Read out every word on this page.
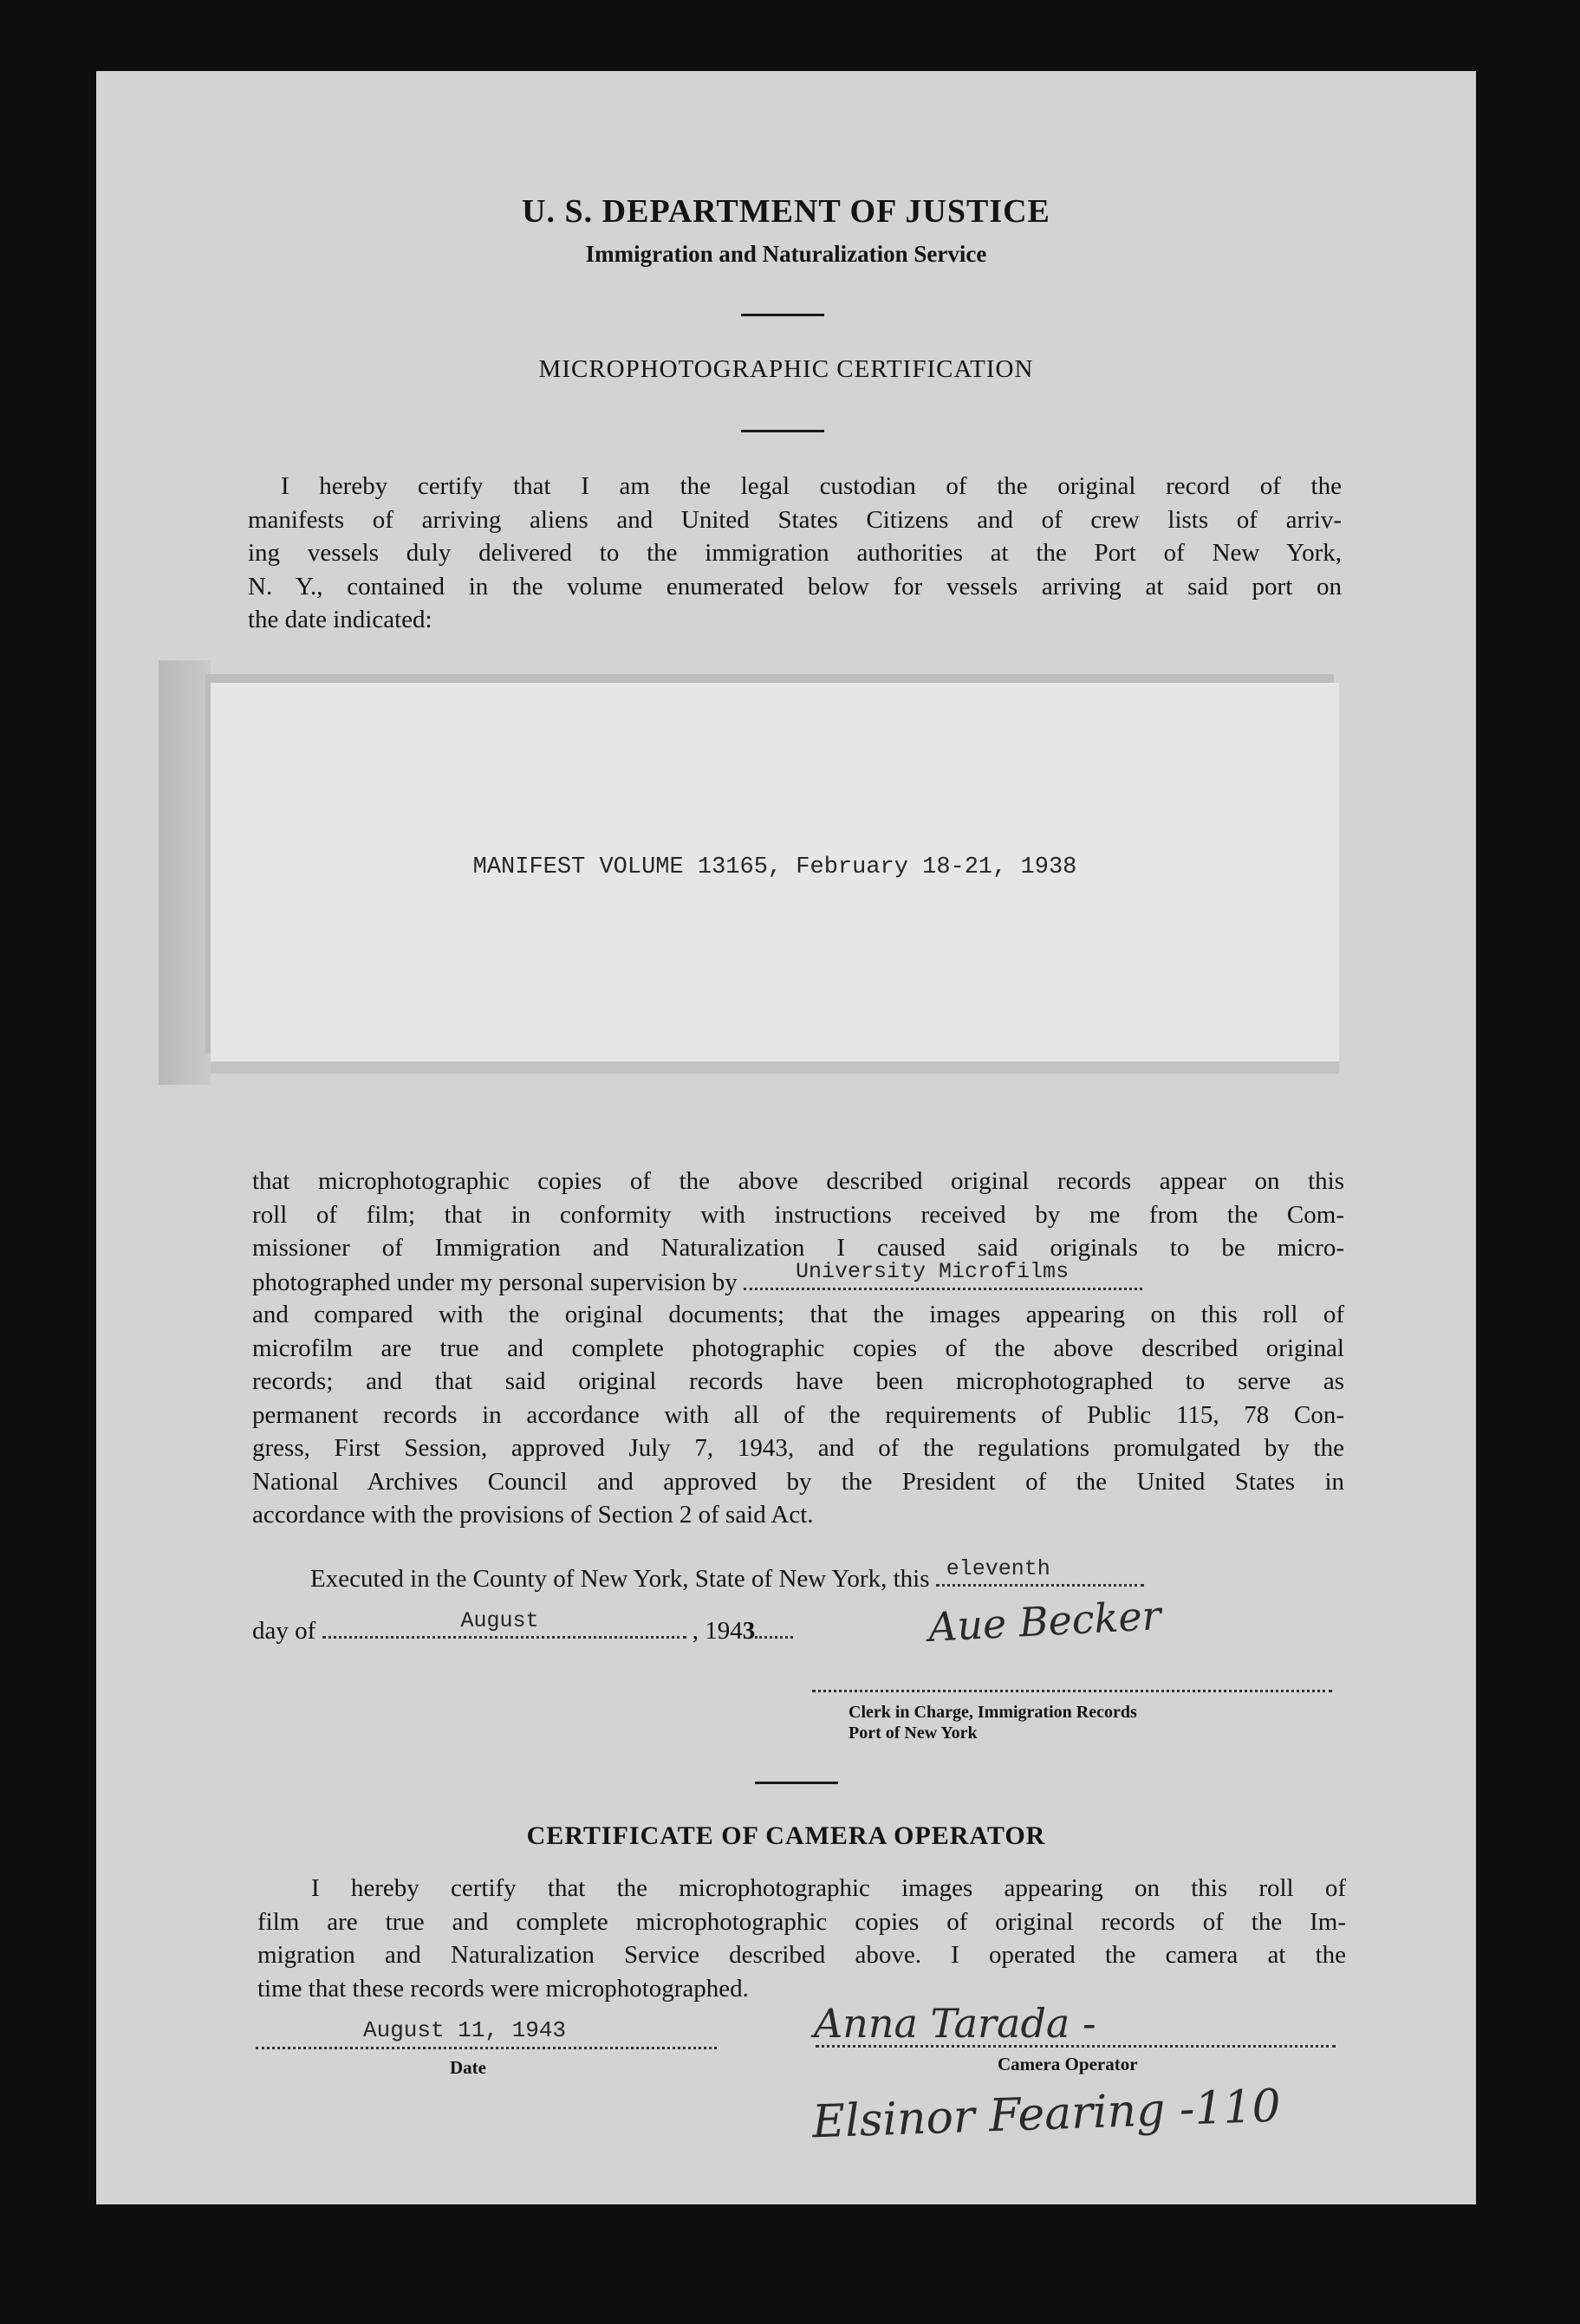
U. S. DEPARTMENT OF JUSTICE
Immigration and Naturalization Service
MICROPHOTOGRAPHIC CERTIFICATION
I hereby certify that I am the legal custodian of the original record of the
manifests of arriving aliens and United States Citizens and of crew lists of arriv-
ing vessels duly delivered to the immigration authorities at the Port of New York,
N. Y., contained in the volume enumerated below for vessels arriving at said port on
the date indicated:
MANIFEST VOLUME 13165, February 18-21, 1938
that microphotographic copies of the above described original records appear on this
roll of film; that in conformity with instructions received by me from the Com-
missioner of Immigration and Naturalization I caused said originals to be micro-
photographed under my personal supervision by	University Microfilms
and compared with the original documents; that the images appearing on this roll of
microfilm are true and complete photographic copies of the above described original
records; and that said original records have been microphotographed to serve as
permanent records in accordance with all of the requirements of Public 115, 78 Con-
gress, First Session, approved July 7, 1943, and of the regulations promulgated by the
National Archives Council and approved by the President of the United States in
accordance with the provisions of Section 2 of said Act.
Executed in the County of New York, State of New York, this eleventh
day of	August	, 1943	Aue Becker
Clerk in Charge, Immigration Records
Port of New York
CERTIFICATE OF CAMERA OPERATOR
I hereby certify that the microphotographic images appearing on this roll of
film are true and complete microphotographic copies of original records of the Im-
migration and Naturalization Service described above. I operated the camera at the
time that these records were microphotographed.
August 11, 1943
Date
Anna Tarada -
Camera Operator
Elsinor Fearing -110
